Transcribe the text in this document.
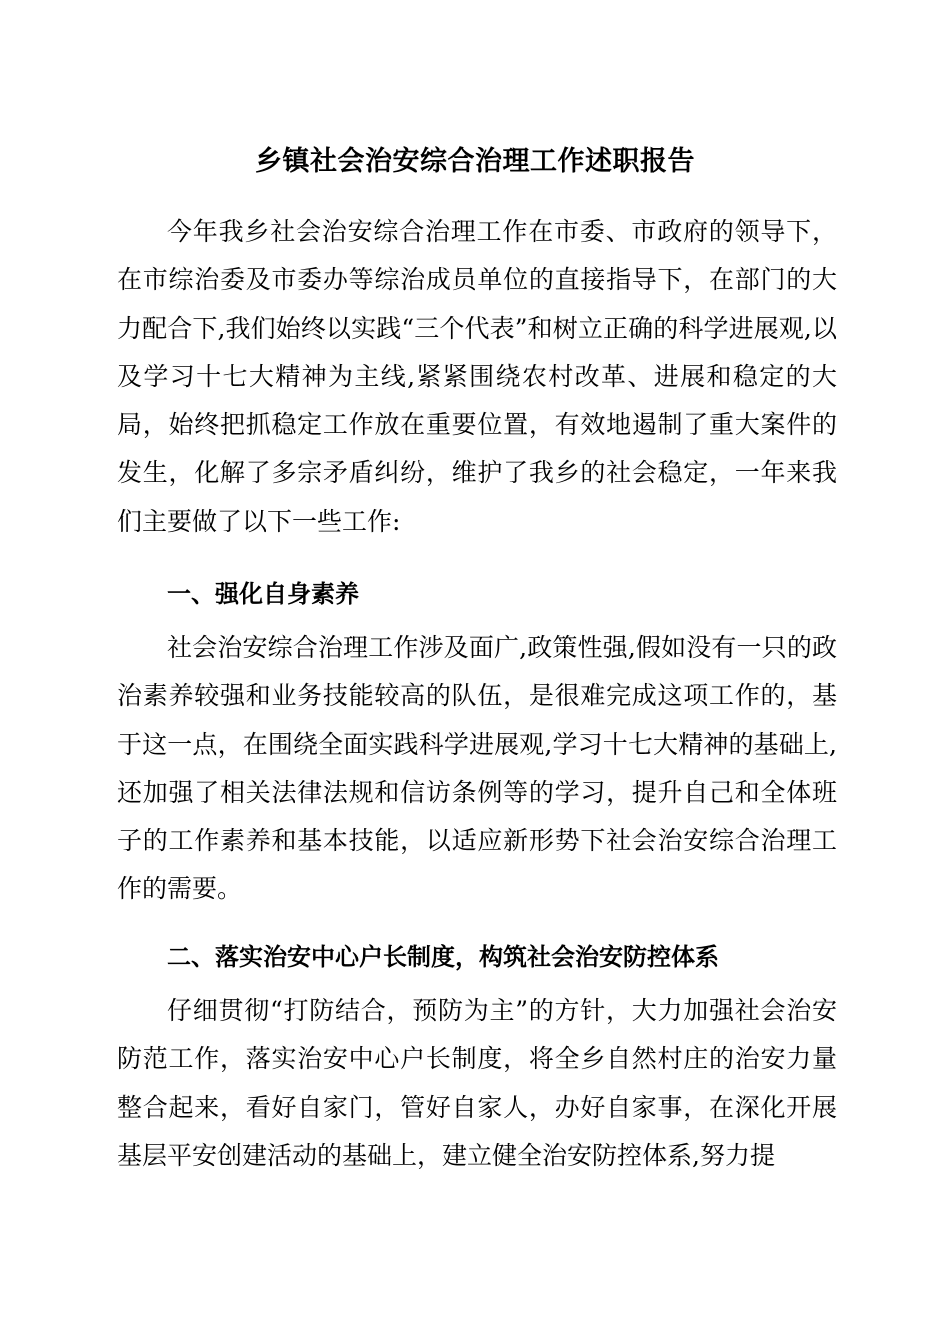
乡镇社会治安综合治理工作述职报告

今年我乡社会治安综合治理工作在市委、市政府的领导下，在市综治委及市委办等综治成员单位的直接指导下，在部门的大力配合下,我们始终以实践“三个代表”和树立正确的科学进展观,以及学习十七大精神为主线,紧紧围绕农村改革、进展和稳定的大局，始终把抓稳定工作放在重要位置，有效地遏制了重大案件的发生，化解了多宗矛盾纠纷，维护了我乡的社会稳定，一年来我们主要做了以下一些工作:

一、强化自身素养

社会治安综合治理工作涉及面广,政策性强,假如没有一只的政治素养较强和业务技能较高的队伍，是很难完成这项工作的，基于这一点，在围绕全面实践科学进展观,学习十七大精神的基础上,还加强了相关法律法规和信访条例等的学习，提升自己和全体班子的工作素养和基本技能，以适应新形势下社会治安综合治理工作的需要。

二、落实治安中心户长制度，构筑社会治安防控体系

仔细贯彻“打防结合，预防为主”的方针，大力加强社会治安防范工作，落实治安中心户长制度，将全乡自然村庄的治安力量整合起来，看好自家门，管好自家人，办好自家事，在深化开展基层平安创建活动的基础上，建立健全治安防控体系,努力提
